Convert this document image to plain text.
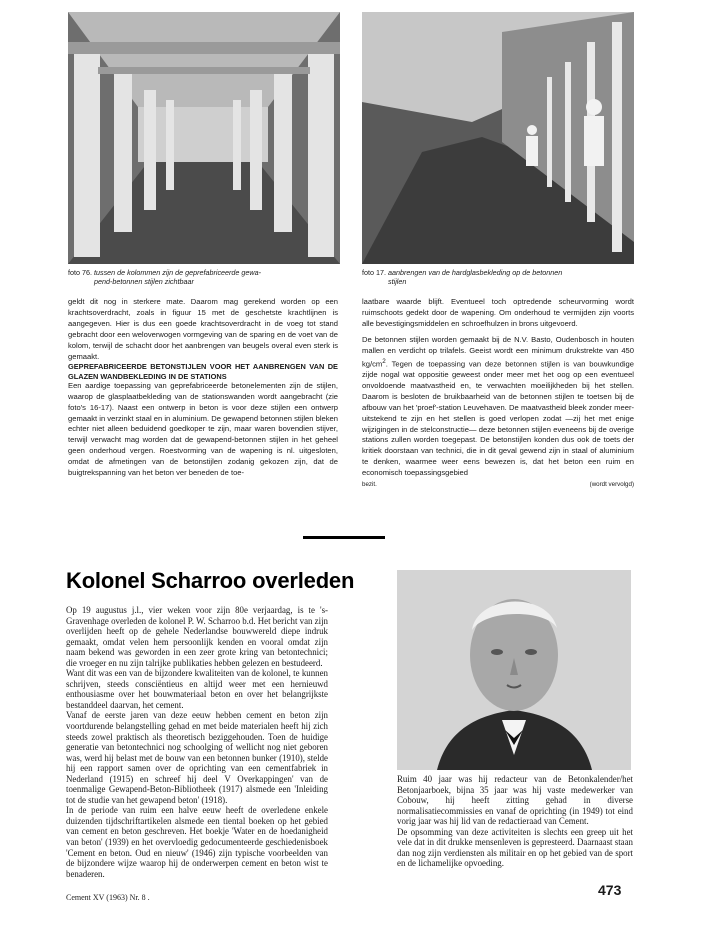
foto 76. tussen de kolommen zijn de geprefabriceerde gewa-
pend-betonnen stijlen zichtbaar
foto 17. aanbrengen van de hardglasbekleding op de betonnen
stijlen

geldt dit nog in sterkere mate. Daarom mag gerekend worden op een krachtsoverdracht, zoals in figuur 15 met de geschetste krachtlijnen is aangegeven. Hier is dus een goede krachtsoverdracht in de voeg tot stand gebracht door een weloverwogen vormgeving van de sparing en de voet van de kolom, terwijl de schacht door het aanbrengen van beugels overal even sterk is gemaakt.

GEPREFABRICEERDE BETONSTIJLEN VOOR HET AANBRENGEN VAN DE GLAZEN WANDBEKLEDING IN DE STATIONS

Een aardige toepassing van geprefabriceerde betonelementen zijn de stijlen, waarop de glasplaatbekleding van de stationswanden wordt aangebracht (zie foto's 16-17). Naast een ontwerp in beton is voor deze stijlen een ontwerp gemaakt in verzinkt staal en in aluminium. De gewapend betonnen stijlen bleken echter niet alleen beduidend goedkoper te zijn, maar waren bovendien stijver, terwijl verwacht mag worden dat de gewapend-betonnen stijlen in het geheel geen onderhoud vergen. Roestvorming van de wapening is nl. uitgesloten, omdat de afmetingen van de betonstijlen zodanig gekozen zijn, dat de buigtrekspanning van het beton ver beneden de toe-

laatbare waarde blijft. Eventueel toch optredende scheurvorming wordt ruimschoots gedekt door de wapening. Om onderhoud te vermijden zijn voorts alle bevestigingsmiddelen en schroefhulzen in brons uitgevoerd.

De betonnen stijlen worden gemaakt bij de N.V. Basto, Oudenbosch in houten mallen en verdicht op trilafels. Geeist wordt een minimum drukstrekte van 450 $kg/cm^2$. Tegen de toepassing van deze betonnen stijlen is van bouwkundige zijde nogal wat oppositie geweest onder meer met het oog op een eventueel onvoldoende maatvastheid en, te verwachten moeilijkheden bij het stellen. Daarom is besloten de bruikbaarheid van de betonnen stijlen te toetsen bij de afbouw van het 'proef'-station Leuvehaven. De maatvastheid bleek zonder meer-uitstekend te zijn en het stellen is goed verlopen zodat —zij het met enige wijzigingen in de stelconstructie— deze betonnen stijlen eveneens bij de overige stations zullen worden toegepast. De betonstijlen konden dus ook de toets der kritiek doorstaan van technici, die in dit geval gewend zijn in staal of aluminium te denken, waarmee weer eens bewezen is, dat het beton een ruim en economisch toepassingsgebied

bezit.	(wordt vervolgd)
Kolonel Scharroo overleden

Op 19 augustus j.l., vier weken voor zijn 80e verjaardag, is te 's-Gravenhage overleden de kolonel P. W. Scharroo b.d. Het bericht van zijn overlijden heeft op de gehele Nederlandse bouwwereld diepe indruk gemaakt, omdat velen hem persoonlijk kenden en vooral omdat zijn naam bekend was geworden in een zeer grote kring van betontechnici; die vroeger en nu zijn talrijke publikaties hebben gelezen en bestudeerd.

Want dit was een van de bijzondere kwaliteiten van de kolonel, te kunnen schrijven, steeds consciëntieus en altijd weer met een hernieuwd enthousiasme over het bouwmateriaal beton en over het belangrijkste bestanddeel daarvan, het cement.

Vanaf de eerste jaren van deze eeuw hebben cement en beton zijn voortdurende belangstelling gehad en met beide materialen heeft hij zich steeds zowel praktisch als theoretisch beziggehouden. Toen de huidige generatie van betontechnici nog schoolging of wellicht nog niet geboren was, werd hij belast met de bouw van een betonnen bunker (1910), stelde hij een rapport samen over de oprichting van een cementfabriek in Nederland (1915) en schreef hij deel V Overkappingen' van de toenmalige Gewapend-Beton-Bibliotheek (1917) alsmede een 'Inleiding tot de studie van het gewapend beton' (1918).

In de periode van ruim een halve eeuw heeft de overledene enkele duizenden tijdschriftartikelen alsmede een tiental boeken op het gebied van cement en beton geschreven. Het boekje 'Water en de hoedanigheid van beton' (1939) en het overvloedig gedocumenteerde geschiedenisboek 'Cement en beton. Oud en nieuw' (1946) zijn typische voorbeelden van de bijzondere wijze waarop hij de onderwerpen cement en beton wist te benaderen.

Ruim 40 jaar was hij redacteur van de Betonkalender/het Betonjaarboek, bijna 35 jaar was hij vaste medewerker van Cobouw, hij heeft zitting gehad in diverse normalisatiecommissies en vanaf de oprichting (in 1949) tot eind vorig jaar was hij lid van de redactieraad van Cement.

De opsomming van deze activiteiten is slechts een greep uit het vele dat in dit drukke mensenleven is gepresteerd. Daarnaast staan dan nog zijn verdiensten als militair en op het gebied van de sport en de lichamelijke opvoeding.

Cement XV (1963) Nr. 8 .	473
